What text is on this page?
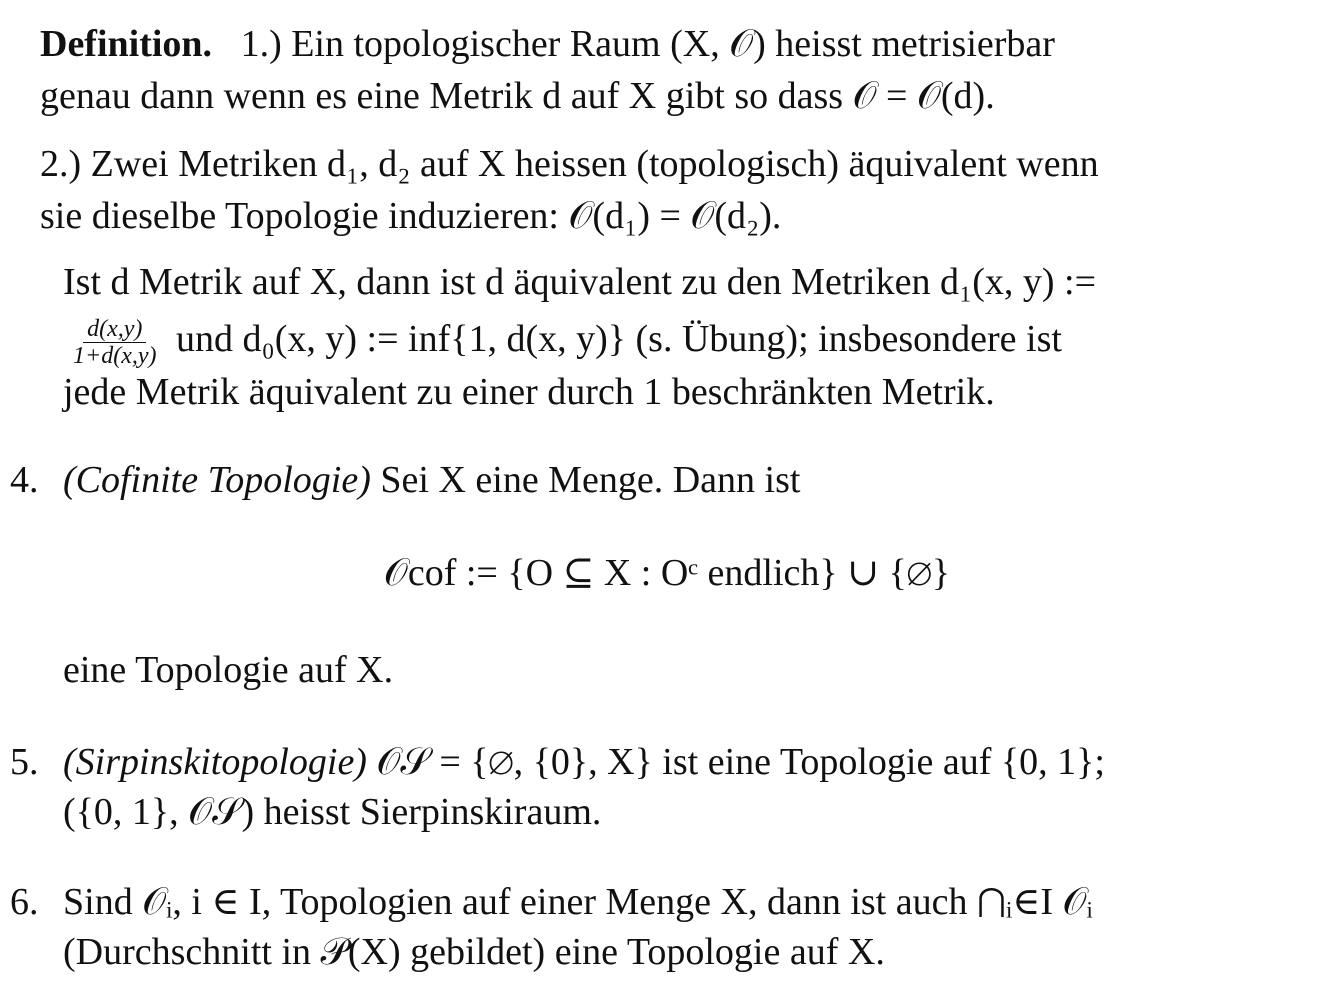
Definition. 1.) Ein topologischer Raum (X, 𝒪) heisst metrisierbar
genau dann wenn es eine Metrik d auf X gibt so dass 𝒪 = 𝒪(d).
2.) Zwei Metriken d₁, d₂ auf X heissen (topologisch) äquivalent wenn
sie dieselbe Topologie induzieren: 𝒪(d₁) = 𝒪(d₂).
Ist d Metrik auf X, dann ist d äquivalent zu den Metriken d₁(x, y) :=
$\frac{d(x,y)}{1+d(x,y)}$ und d₀(x, y) := inf{1, d(x, y)} (s. Übung); insbesondere ist
jede Metrik äquivalent zu einer durch 1 beschränkten Metrik.
4. (Cofinite Topologie) Sei X eine Menge. Dann ist
𝒪cof := {O ⊆ X : Oᶜ endlich} ∪ {∅}
eine Topologie auf X.
5. (Sirpinskitopologie) 𝒪𝒮 = {∅, {0}, X} ist eine Topologie auf {0, 1};
({0, 1}, 𝒪𝒮) heisst Sierpinskiraum.
6. Sind 𝒪ᵢ, i ∈ I, Topologien auf einer Menge X, dann ist auch ⋂ᵢ∈I 𝒪ᵢ
(Durchschnitt in 𝒫(X) gebildet) eine Topologie auf X.
